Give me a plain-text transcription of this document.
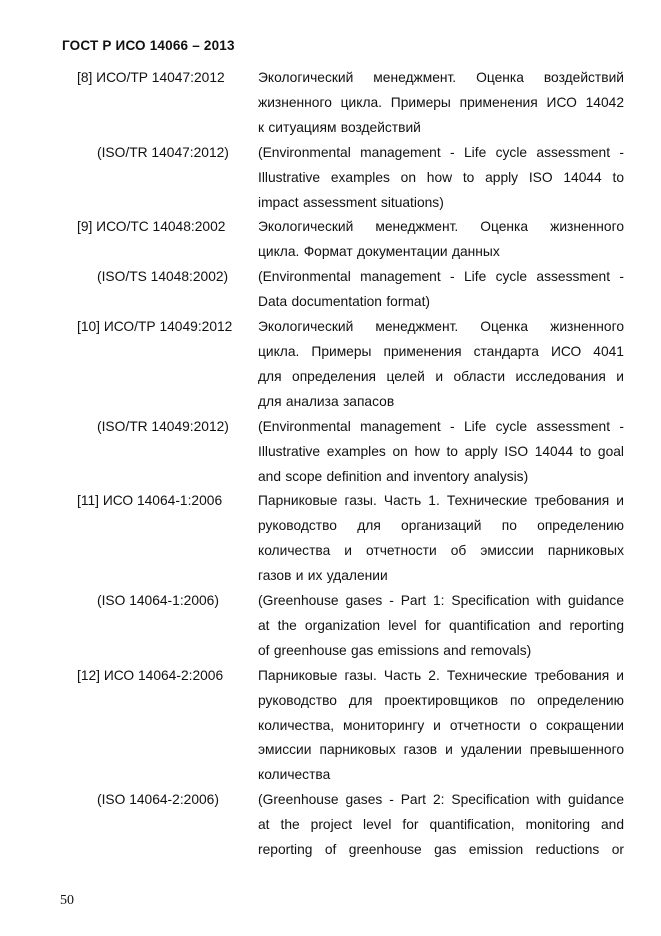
ГОСТ Р ИСО 14066 – 2013
[8] ИСО/ТР 14047:2012 Экологический менеджмент. Оценка воздействий
жизненного цикла. Примеры применения ИСО 14042
к ситуациям воздействий
(ISO/TR 14047:2012) (Environmental management - Life cycle assessment -
Illustrative examples on how to apply ISO 14044 to
impact assessment situations)
[9] ИСО/ТС 14048:2002 Экологический менеджмент. Оценка жизненного
цикла. Формат документации данных
(ISO/TS 14048:2002) (Environmental management - Life cycle assessment -
Data documentation format)
[10] ИСО/ТР 14049:2012 Экологический менеджмент. Оценка жизненного
цикла. Примеры применения стандарта ИСО 4041
для определения целей и области исследования и
для анализа запасов
(ISO/TR 14049:2012) (Environmental management - Life cycle assessment -
Illustrative examples on how to apply ISO 14044 to goal
and scope definition and inventory analysis)
[11] ИСО 14064-1:2006	Парниковые газы. Часть 1. Технические требования и
руководство для организаций по определению
количества и отчетности об эмиссии парниковых
газов и их удалении
(ISO 14064-1:2006)	(Greenhouse gases - Part 1: Specification with guidance
at the organization level for quantification and reporting
of greenhouse gas emissions and removals)
[12] ИСО 14064-2:2006	Парниковые газы. Часть 2. Технические требования и
руководство для проектировщиков по определению
количества, мониторингу и отчетности о сокращении
эмиссии парниковых газов и удалении превышенного
количества
(ISO 14064-2:2006)	(Greenhouse gases - Part 2: Specification with guidance
at the project level for quantification, monitoring and
reporting of greenhouse gas emission reductions or
50
